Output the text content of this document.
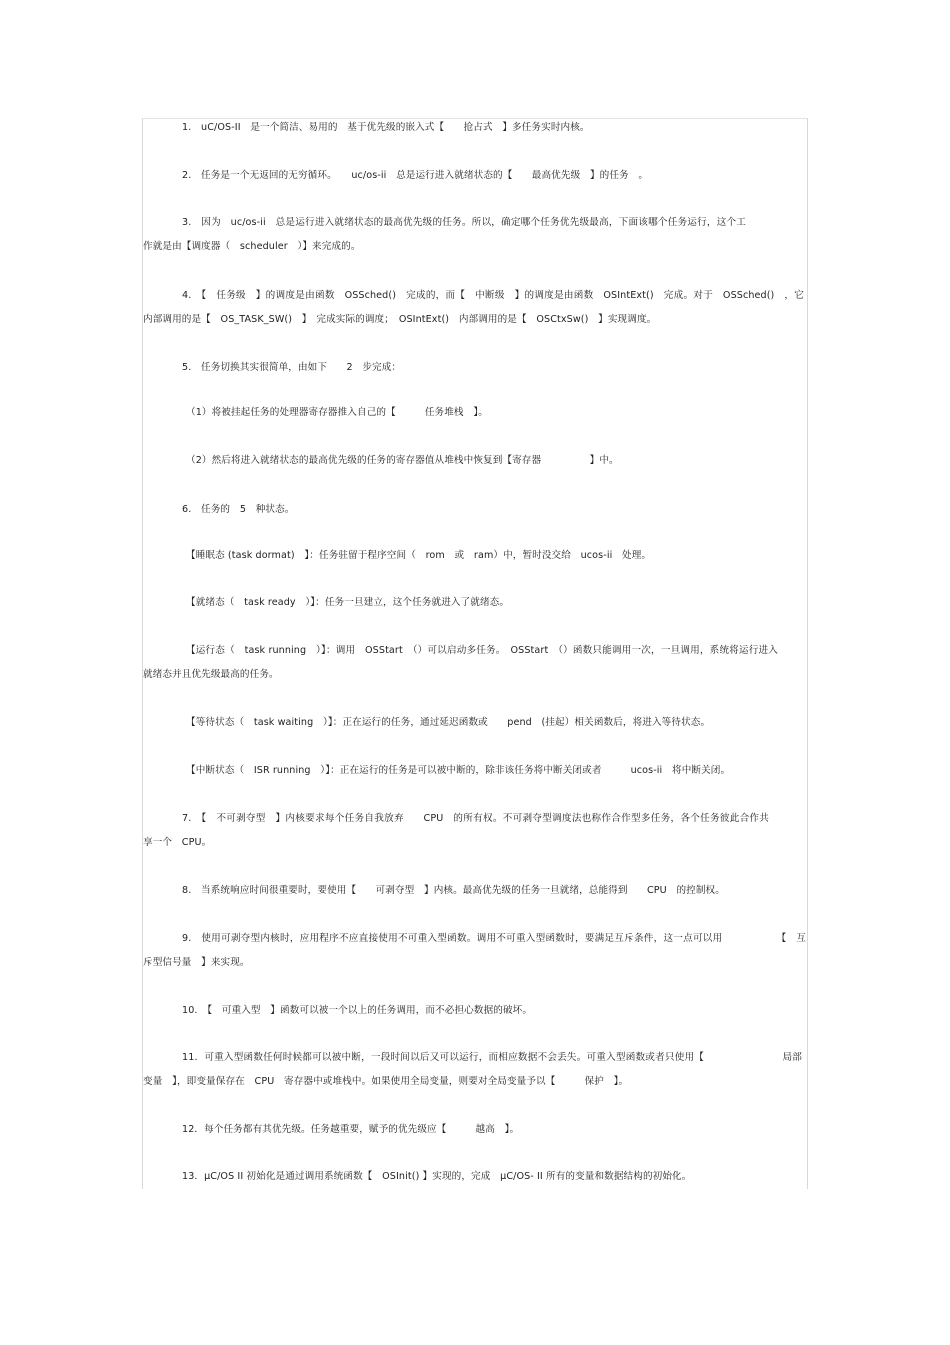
1.　uC/OS-II　是一个简洁、易用的　基于优先级的嵌入式【　　抢占式　】多任务实时内核。

2.　任务是一个无返回的无穷循环。　　uc/os-ii　总是运行进入就绪状态的【　　最高优先级　】的任务　。

3.　因为　uc/os-ii　总是运行进入就绪状态的最高优先级的任务。所以，确定哪个任务优先级最高，下面该哪个任务运行，这个工

作就是由【调度器（　scheduler　）】来完成的。

4.　【　任务级　】的调度是由函数　OSSched()　完成的，而【　中断级　】的调度是由函数　OSIntExt()　完成。对于　OSSched()　，它

内部调用的是【　OS_TASK_SW()　】　完成实际的调度；　OSIntExt()　内部调用的是【　OSCtxSw()　】实现调度。

5.　任务切换其实很简单，由如下　　2　步完成：

（1）将被挂起任务的处理器寄存器推入自己的【　　　任务堆栈　】。

（2）然后将进入就绪状态的最高优先级的任务的寄存器值从堆栈中恢复到【寄存器　　　　　】中。

6.　任务的　5　种状态。

【睡眠态 (task dormat)　】：任务驻留于程序空间（　rom　或　ram）中，暂时没交给　ucos-ii　处理。

【就绪态（　task ready　）】：任务一旦建立，这个任务就进入了就绪态。

【运行态（　task running　）】：调用　OSStart　（）可以启动多任务。　OSStart　（）函数只能调用一次，一旦调用，系统将运行进入

就绪态并且优先级最高的任务。

【等待状态（　task waiting　）】：正在运行的任务，通过延迟函数或　　pend　(挂起）相关函数后，将进入等待状态。

【中断状态（　ISR running　）】：正在运行的任务是可以被中断的，除非该任务将中断关闭或者　　　ucos-ii　将中断关闭。

7.　【　不可剥夺型　】内核要求每个任务自我放弃　　CPU　的所有权。不可剥夺型调度法也称作合作型多任务，各个任务彼此合作共

享一个　CPU。

8.　当系统响应时间很重要时，要使用【　　可剥夺型　】内核。最高优先级的任务一旦就绪，总能得到　　CPU　的控制权。

9.　使用可剥夺型内核时，应用程序不应直接使用不可重入型函数。调用不可重入型函数时，要满足互斥条件，这一点可以用　　　　　　【　互

斥型信号量　】来实现。

10.　【　可重入型　】函数可以被一个以上的任务调用，而不必担心数据的破坏。

11．可重入型函数任何时候都可以被中断，一段时间以后又可以运行，而相应数据不会丢失。可重入型函数或者只使用【　　　　　　　　局部

变量　】，即变量保存在　CPU　寄存器中或堆栈中。如果使用全局变量，则要对全局变量予以【　　　保护　】。

12．每个任务都有其优先级。任务越重要，赋予的优先级应【　　　越高　】。

13．μC/OS II 初始化是通过调用系统函数【　OSInit() 】实现的，完成　μC/OS- II 所有的变量和数据结构的初始化。
